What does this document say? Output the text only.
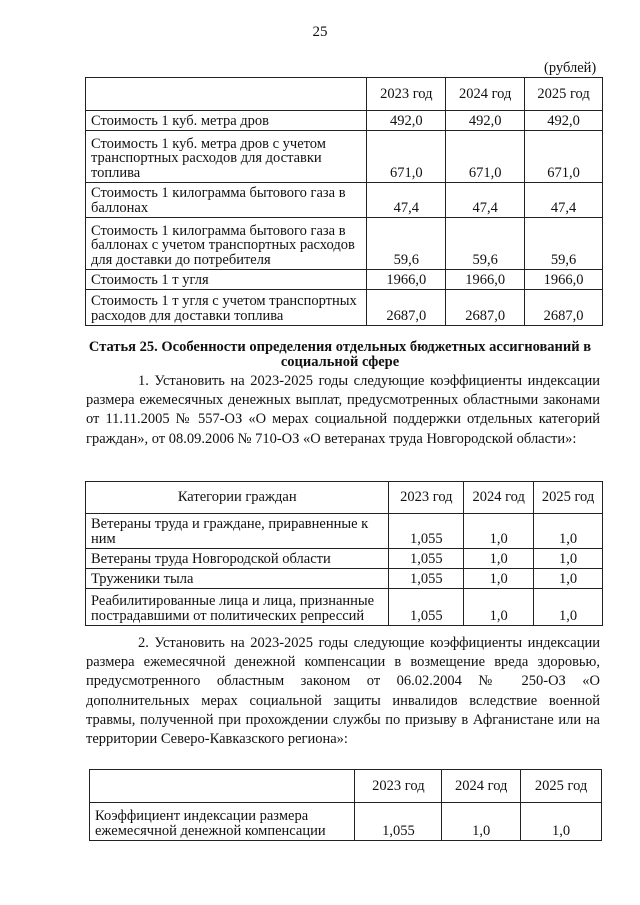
25
(рублей)
	2023 год	2024 год	2025 год
Стоимость 1 куб. метра дров	492,0	492,0	492,0
Стоимость 1 куб. метра дров с учетом транспортных расходов для доставки топлива	671,0	671,0	671,0
Стоимость 1 килограмма бытового газа в баллонах	47,4	47,4	47,4
Стоимость 1 килограмма бытового газа в баллонах с учетом транспортных расходов для доставки до потребителя	59,6	59,6	59,6
Стоимость 1 т угля	1966,0	1966,0	1966,0
Стоимость 1 т угля с учетом транспортных расходов для доставки топлива	2687,0	2687,0	2687,0
Статья 25. Особенности определения отдельных бюджетных ассигнований в социальной сфере

1. Установить на 2023-2025 годы следующие коэффициенты индексации размера ежемесячных денежных выплат, предусмотренных областными законами от 11.11.2005 № 557-ОЗ «О мерах социальной поддержки отдельных категорий граждан», от 08.09.2006 № 710-ОЗ «О ветеранах труда Новгородской области»:

Категории граждан	2023 год	2024 год	2025 год
Ветераны труда и граждане, приравненные к ним	1,055	1,0	1,0
Ветераны труда Новгородской области	1,055	1,0	1,0
Труженики тыла	1,055	1,0	1,0
Реабилитированные лица и лица, признанные пострадавшими от политических репрессий	1,055	1,0	1,0

2. Установить на 2023-2025 годы следующие коэффициенты индексации размера ежемесячной денежной компенсации в возмещение вреда здоровью, предусмотренного областным законом от 06.02.2004 № 250-ОЗ «О дополнительных мерах социальной защиты инвалидов вследствие военной травмы, полученной при прохождении службы по призыву в Афганистане или на территории Северо-Кавказского региона»:

	2023 год	2024 год	2025 год
Коэффициент индексации размера ежемесячной денежной компенсации	1,055	1,0	1,0
